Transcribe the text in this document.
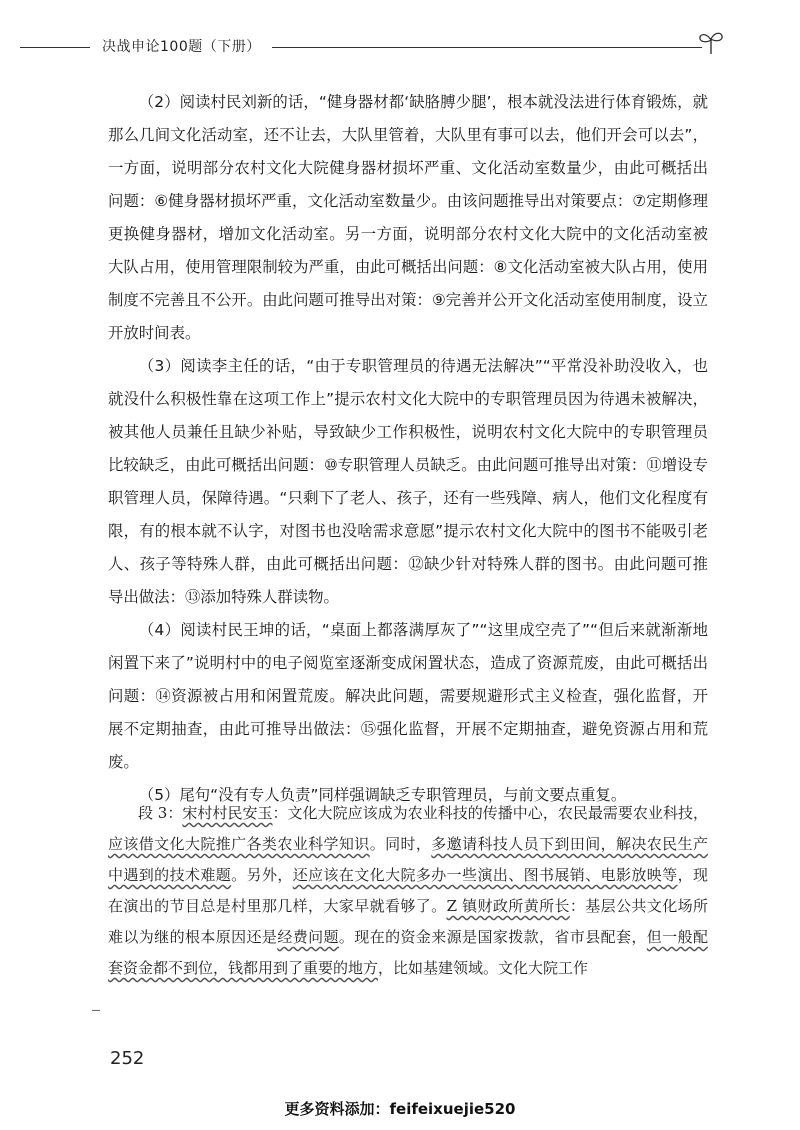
决战申论100题（下册）

（2）阅读村民刘新的话，“健身器材都‘缺胳膊少腿’，根本就没法进行体育锻炼，就那么几间文化活动室，还不让去，大队里管着，大队里有事可以去，他们开会可以去”，一方面，说明部分农村文化大院健身器材损坏严重、文化活动室数量少，由此可概括出问题：⑥健身器材损坏严重，文化活动室数量少。由该问题推导出对策要点：⑦定期修理更换健身器材，增加文化活动室。另一方面，说明部分农村文化大院中的文化活动室被大队占用，使用管理限制较为严重，由此可概括出问题：⑧文化活动室被大队占用，使用制度不完善且不公开。由此问题可推导出对策：⑨完善并公开文化活动室使用制度，设立开放时间表。

（3）阅读李主任的话，“由于专职管理员的待遇无法解决”“平常没补助没收入，也就没什么积极性靠在这项工作上”提示农村文化大院中的专职管理员因为待遇未被解决，被其他人员兼任且缺少补贴，导致缺少工作积极性，说明农村文化大院中的专职管理员比较缺乏，由此可概括出问题：⑩专职管理人员缺乏。由此问题可推导出对策：⑪增设专职管理人员，保障待遇。“只剩下了老人、孩子，还有一些残障、病人，他们文化程度有限，有的根本就不认字，对图书也没啥需求意愿”提示农村文化大院中的图书不能吸引老人、孩子等特殊人群，由此可概括出问题：⑫缺少针对特殊人群的图书。由此问题可推导出做法：⑬添加特殊人群读物。

（4）阅读村民王坤的话，“桌面上都落满厚灰了”“这里成空壳了”“但后来就渐渐地闲置下来了”说明村中的电子阅览室逐渐变成闲置状态，造成了资源荒废，由此可概括出问题：⑭资源被占用和闲置荒废。解决此问题，需要规避形式主义检查，强化监督，开展不定期抽查，由此可推导出做法：⑮强化监督，开展不定期抽查，避免资源占用和荒废。

（5）尾句“没有专人负责”同样强调缺乏专职管理员，与前文要点重复。

段 3：宋村村民安玉：文化大院应该成为农业科技的传播中心，农民最需要农业科技，应该借文化大院推广各类农业科学知识。同时，多邀请科技人员下到田间，解决农民生产中遇到的技术难题。另外，还应该在文化大院多办一些演出、图书展销、电影放映等，现在演出的节目总是村里那几样，大家早就看够了。Z 镇财政所黄所长：基层公共文化场所难以为继的根本原因还是经费问题。现在的资金来源是国家拨款，省市县配套，但一般配套资金都不到位，钱都用到了重要的地方，比如基建领域。文化大院工作
252
更多资料添加：feifeixuejie520
